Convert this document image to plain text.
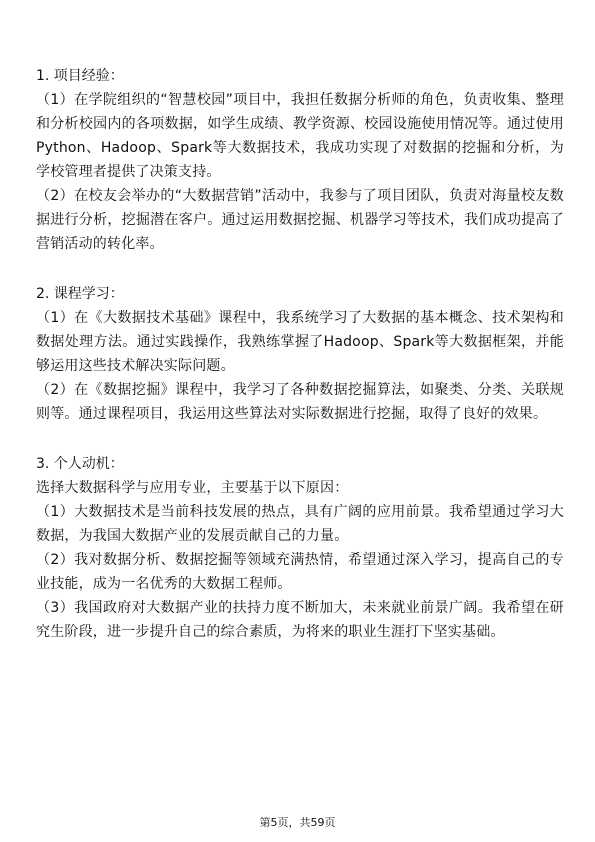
1. 项目经验：

（1）在学院组织的“智慧校园”项目中，我担任数据分析师的角色，负责收集、整理和分析校园内的各项数据，如学生成绩、教学资源、校园设施使用情况等。通过使用Python、Hadoop、Spark等大数据技术，我成功实现了对数据的挖掘和分析，为学校管理者提供了决策支持。

（2）在校友会举办的“大数据营销”活动中，我参与了项目团队，负责对海量校友数据进行分析，挖掘潜在客户。通过运用数据挖掘、机器学习等技术，我们成功提高了营销活动的转化率。

2. 课程学习：

（1）在《大数据技术基础》课程中，我系统学习了大数据的基本概念、技术架构和数据处理方法。通过实践操作，我熟练掌握了Hadoop、Spark等大数据框架，并能够运用这些技术解决实际问题。

（2）在《数据挖掘》课程中，我学习了各种数据挖掘算法，如聚类、分类、关联规则等。通过课程项目，我运用这些算法对实际数据进行挖掘，取得了良好的效果。

3. 个人动机：

选择大数据科学与应用专业，主要基于以下原因：

（1）大数据技术是当前科技发展的热点，具有广阔的应用前景。我希望通过学习大数据，为我国大数据产业的发展贡献自己的力量。

（2）我对数据分析、数据挖掘等领域充满热情，希望通过深入学习，提高自己的专业技能，成为一名优秀的大数据工程师。

（3）我国政府对大数据产业的扶持力度不断加大，未来就业前景广阔。我希望在研究生阶段，进一步提升自己的综合素质，为将来的职业生涯打下坚实基础。

第5页，共59页
